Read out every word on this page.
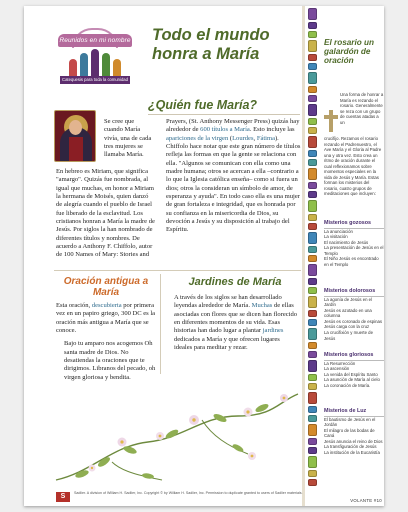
Reunidos en mi nombre
Catequesis para toda la comunidad
Todo el mundo honra a María
¿Quién fue María?
Se cree que cuando María vivía, una de cada tres mujeres se llamaba María.
En hebreo es Miriam, que significa "amargo". Quizás fue nombrada, al igual que muchas, en honor a Miriam la hermana de Moisés, quien danzó de alegría cuando el pueblo de Israel fue liberado de la esclavitud. Los cristianos honran a María la madre de Jesús. Por siglos la han nombrado de diferentes títulos y nombres. De acuerdo a Anthony F. Chiffolo, autor de 100 Names of Mary: Stories and
Prayers, (St. Anthony Messenger Press) quizás hay alrededor de 600 títulos a María. Esto incluye las apariciones de la virgen (Lourdes, Fátima). Chiffolo hace notar que este gran número de títulos refleja las formas en que la gente se relaciona con ella. "Algunos se comunican con ella como una madre humana; otros se acercan a ella –contrario a lo que la Iglesia católica enseña– como si fuera un dios; otros la consideran un símbolo de amor, de esperanza y ayuda". En todo caso ella es una mujer de gran fortaleza e integridad, que es honrada por su confianza en la misericordia de Dios, su devoción a Jesús y su disposición al trabajo del Espíritu.
Oración antigua a María
Esta oración, descubierta por primera vez en un papiro griego, 300 DC es la oración más antigua a María que se conoce.
Bajo tu amparo nos acogemos Oh santa madre de Dios. No desatiendas la oraciones que te dirigimos. Libranos del pecado, oh virgen gloriosa y bendita.
Jardines de María
A través de los siglos se han desarrollado leyendas alrededor de María. Muchas de ellas asociadas con flores que se dicen han florecido en diferentes momentos de su vida. Esas historias han dado lugar a plantar jardines dedicados a María y que ofrecen lugares ideales para meditar y rezar.
S	Sadlier. A division of William H. Sadlier, Inc. Copyright © by William H. Sadlier, Inc. Permission to duplicate granted to users of Sadlier materials.
El rosario un galardón de oración
Una forma de honrar a María es rezando el rosario. Generalmente se reza con un grupo de cuentas atadas a un
crucifijo. Rezamos el rosario rezando el Padrenuestro, el Ave María y el Gloria al Padre una y otra vez. Esto crea un ritmo de oración durante el cual reflexionamos sobre momentos especiales en la vida de Jesús y María. Estas forman los misterios del rosario, cuatro grupos de meditaciones que incluyen:
Misterios gozosos
La anunciación
La visitación
El nacimiento de Jesús
La presentación de Jesús en el Templo
El Niño Jesús es encontrado en el Templo
Misterios dolorosos
La agonía de Jesús en el Jardín
Jesús es azotado en una columna
Jesús es coronado de espinas
Jesús carga con la cruz
La crucifixión y muerte de Jesús
Misterios gloriosos
La Resurrección
La ascensión
La venida del Espíritu Santo
La asunción de María al cielo
La coronación de María.
Misterios de Luz
El bautismo de Jesús en el Jordán
El milagro de las bodas de Caná
Jesús anuncia el reino de Dios
La transfiguración de Jesús
La institución de la Eucaristía
VOLANTE #10
